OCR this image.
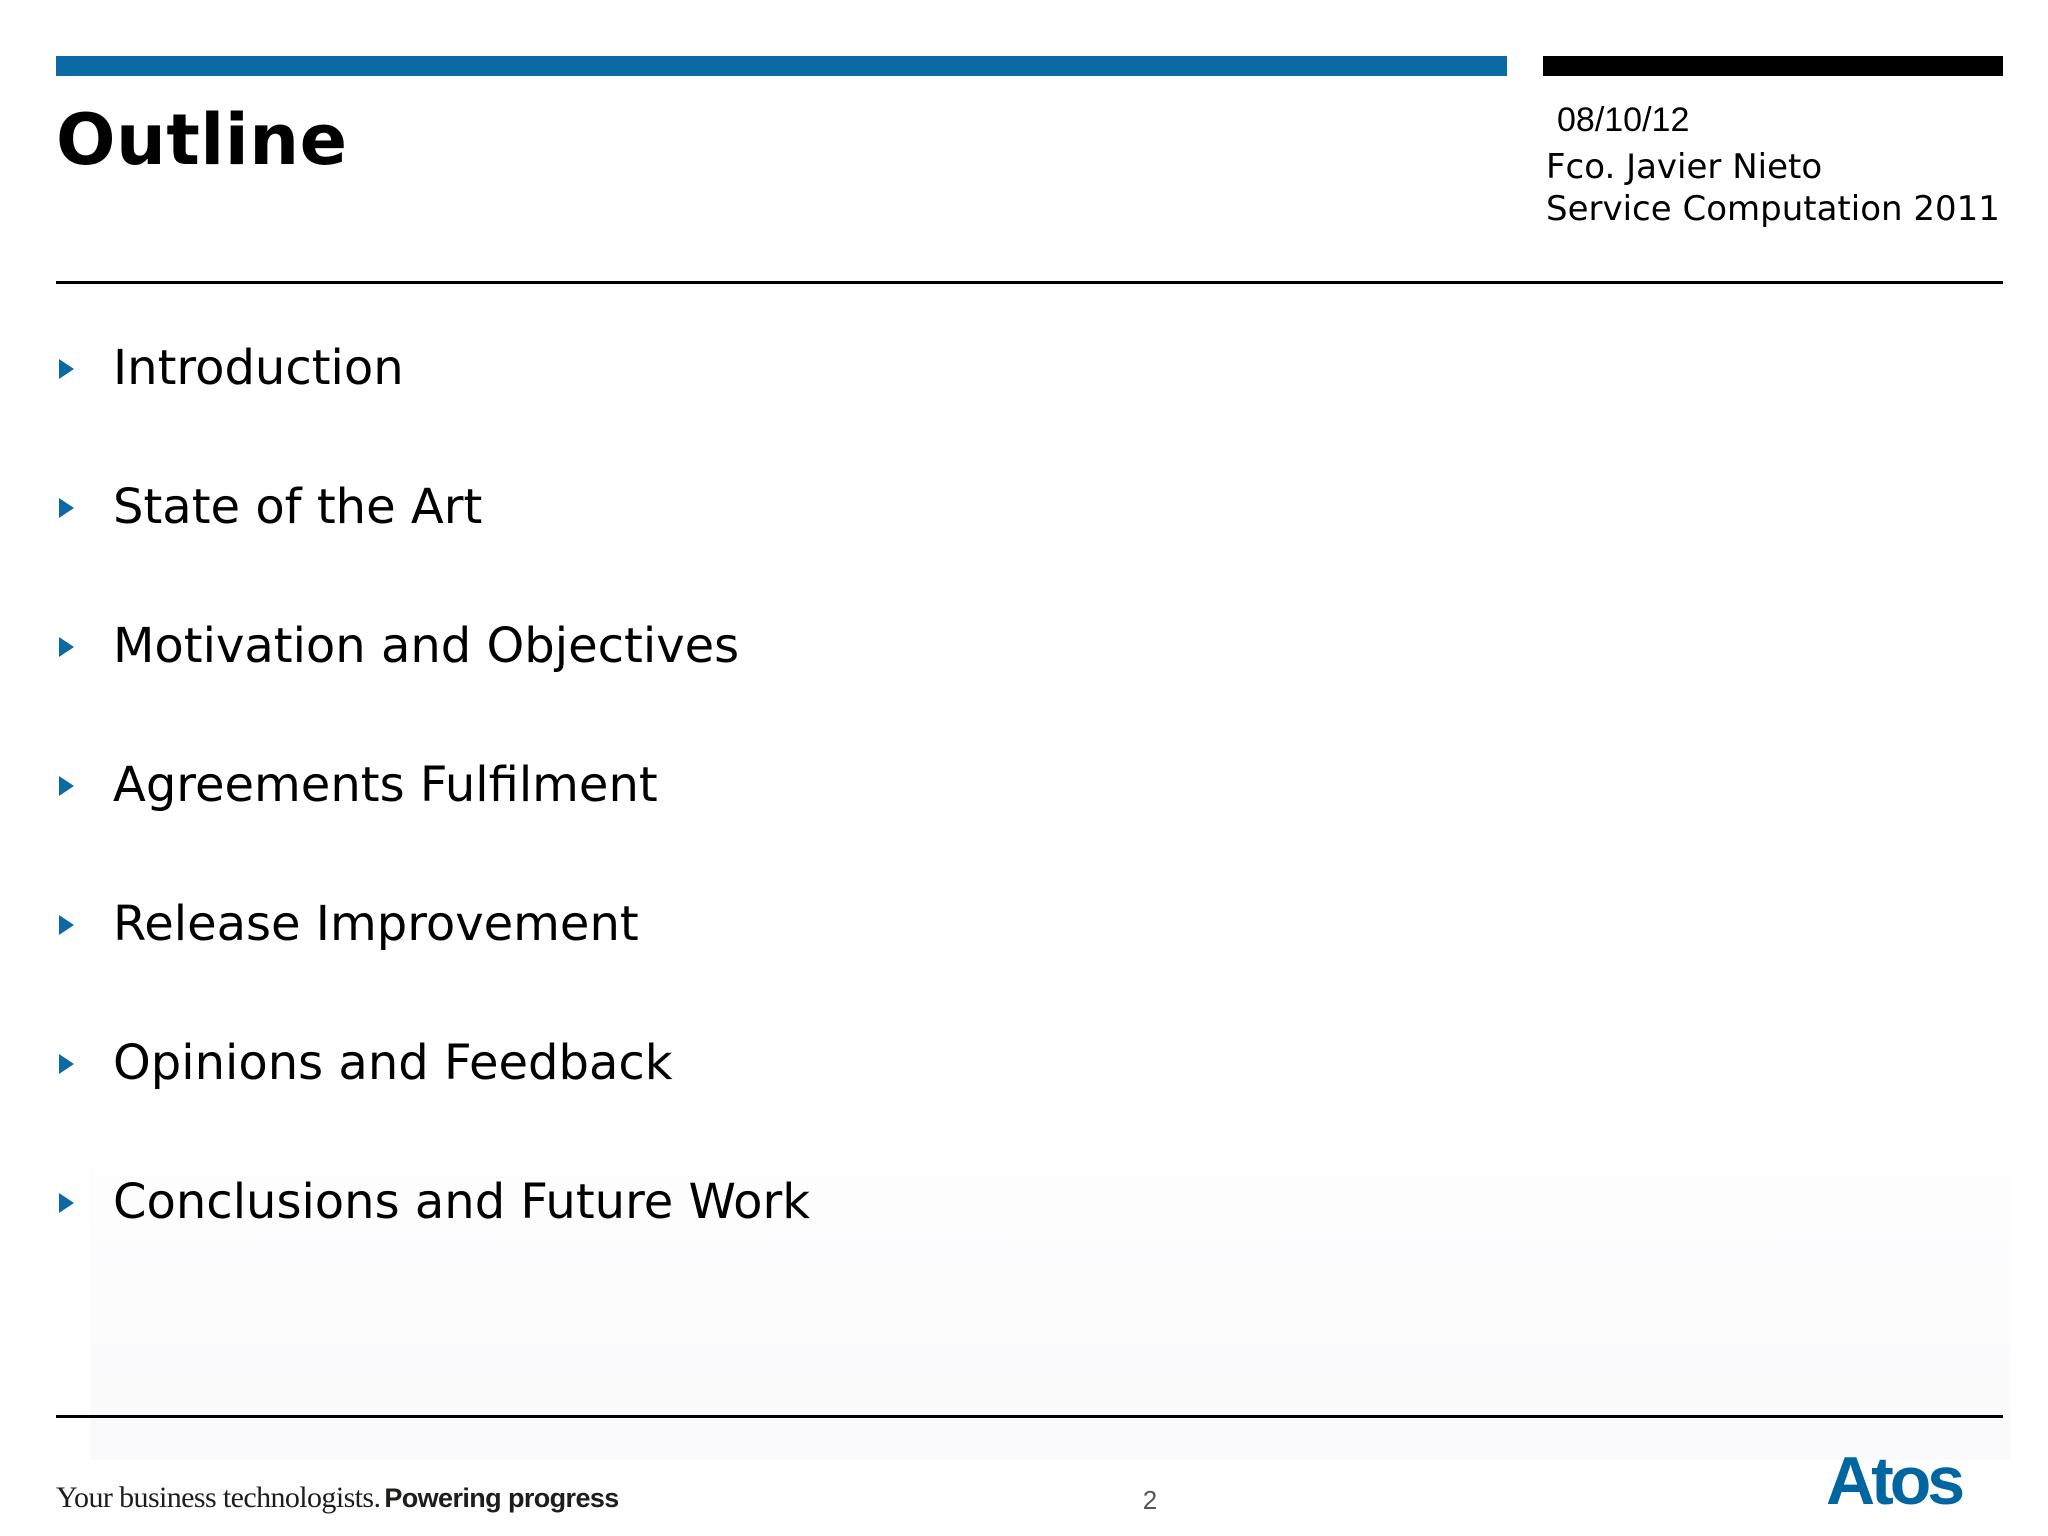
Outline	08/10/12
Fco. Javier Nieto
Service Computation 2011
Introduction
State of the Art
Motivation and Objectives
Agreements Fulfilment
Release Improvement
Opinions and Feedback
Conclusions and Future Work
Your business technologists. Powering progress	2	Atos
